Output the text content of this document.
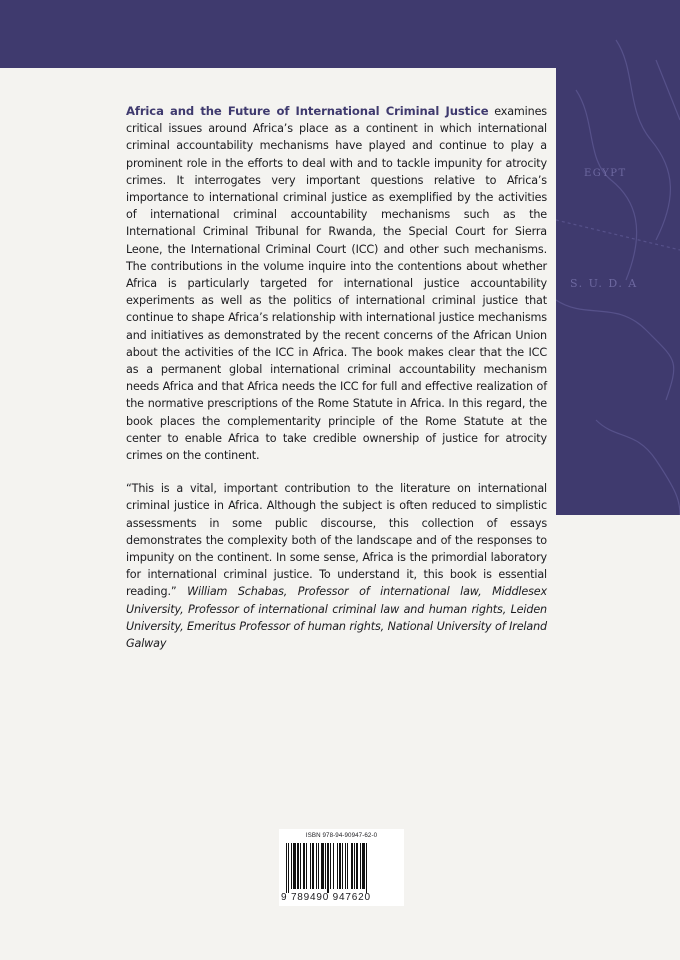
EGYPT
S. U. D. A

Africa and the Future of International Criminal Justice examines critical issues around Africa’s place as a continent in which international criminal accountability mechanisms have played and continue to play a prominent role in the efforts to deal with and to tackle impunity for atrocity crimes. It interrogates very important questions relative to Africa’s importance to international criminal justice as exemplified by the activities of international criminal accountability mechanisms such as the International Criminal Tribunal for Rwanda, the Special Court for Sierra Leone, the International Criminal Court (ICC) and other such mechanisms. The contributions in the volume inquire into the contentions about whether Africa is particularly targeted for international justice accountability experiments as well as the politics of international criminal justice that continue to shape Africa’s relationship with international justice mechanisms and initiatives as demonstrated by the recent concerns of the African Union about the activities of the ICC in Africa. The book makes clear that the ICC as a permanent global international criminal accountability mechanism needs Africa and that Africa needs the ICC for full and effective realization of the normative prescriptions of the Rome Statute in Africa. In this regard, the book places the complementarity principle of the Rome Statute at the center to enable Africa to take credible ownership of justice for atrocity crimes on the continent.

“This is a vital, important contribution to the literature on international criminal justice in Africa. Although the subject is often reduced to simplistic assessments in some public discourse, this collection of essays demonstrates the complexity both of the landscape and of the responses to impunity on the continent. In some sense, Africa is the primordial laboratory for international criminal justice. To understand it, this book is essential reading.” William Schabas, Professor of international law, Middlesex University, Professor of international criminal law and human rights, Leiden University, Emeritus Professor of human rights, National University of Ireland Galway

ISBN 978-94-90947-62-0
9 789490 947620
